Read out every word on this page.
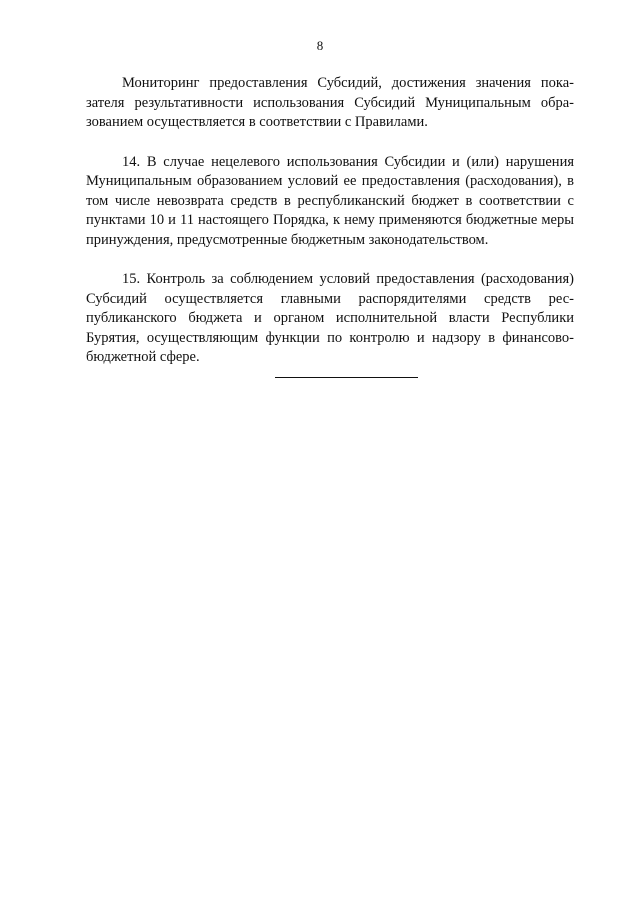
8

Мониторинг предоставления Субсидий, достижения значения показателя результативности использования Субсидий Муниципальным образованием осуществляется в соответствии с Правилами.

14. В случае нецелевого использования Субсидии и (или) нарушения Муниципальным образованием условий ее предоставления (расходования), в том числе невозврата средств в республиканский бюджет в соответствии с пунктами 10 и 11 настоящего Порядка, к нему применяются бюджетные меры принуждения, предусмотренные бюджетным законодательством.

15. Контроль за соблюдением условий предоставления (расходования) Субсидий осуществляется главными распорядителями средств республиканского бюджета и органом исполнительной власти Республики Бурятия, осуществляющим функции по контролю и надзору в финансово-бюджетной сфере.
